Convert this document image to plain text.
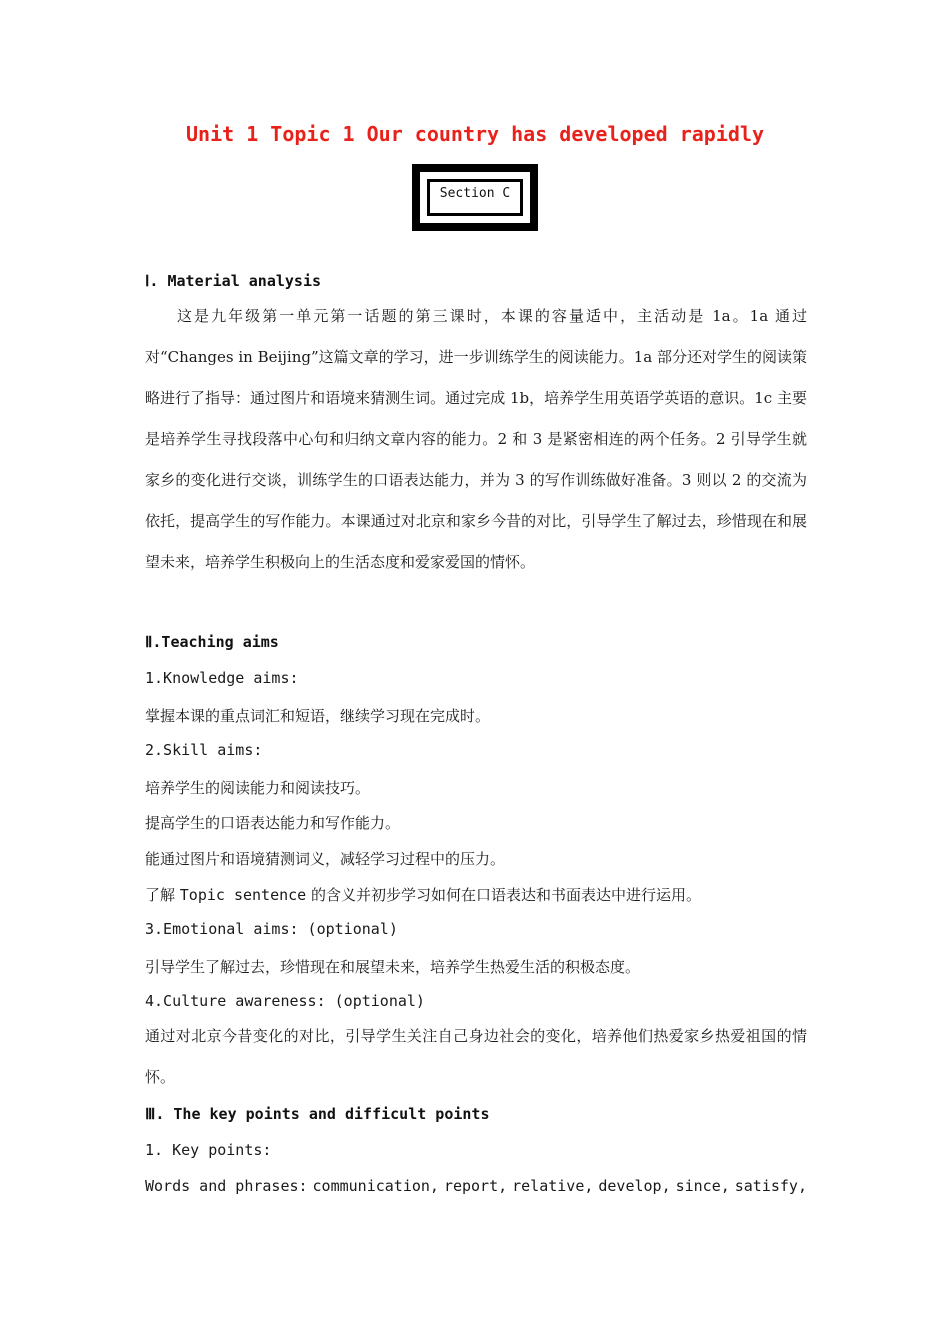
Unit 1 Topic 1 Our country has developed rapidly
Section C
Ⅰ. Material analysis
这是九年级第一单元第一话题的第三课时，本课的容量适中，主活动是 1a。1a 通过对“Changes in Beijing”这篇文章的学习，进一步训练学生的阅读能力。1a 部分还对学生的阅读策略进行了指导：通过图片和语境来猜测生词。通过完成 1b，培养学生用英语学英语的意识。1c 主要是培养学生寻找段落中心句和归纳文章内容的能力。2 和 3 是紧密相连的两个任务。2 引导学生就家乡的变化进行交谈，训练学生的口语表达能力，并为 3 的写作训练做好准备。3 则以 2 的交流为依托，提高学生的写作能力。本课通过对北京和家乡今昔的对比，引导学生了解过去，珍惜现在和展望未来，培养学生积极向上的生活态度和爱家爱国的情怀。
Ⅱ.Teaching aims
1.Knowledge aims:
掌握本课的重点词汇和短语，继续学习现在完成时。
2.Skill aims:
培养学生的阅读能力和阅读技巧。
提高学生的口语表达能力和写作能力。
能通过图片和语境猜测词义，减轻学习过程中的压力。
了解 Topic sentence 的含义并初步学习如何在口语表达和书面表达中进行运用。
3.Emotional aims: (optional)
引导学生了解过去，珍惜现在和展望未来，培养学生热爱生活的积极态度。
4.Culture awareness: (optional)
通过对北京今昔变化的对比，引导学生关注自己身边社会的变化，培养他们热爱家乡热爱祖国的情怀。
Ⅲ. The key points and difficult points
1. Key points:
Words and phrases: communication, report, relative, develop, since, satisfy,
